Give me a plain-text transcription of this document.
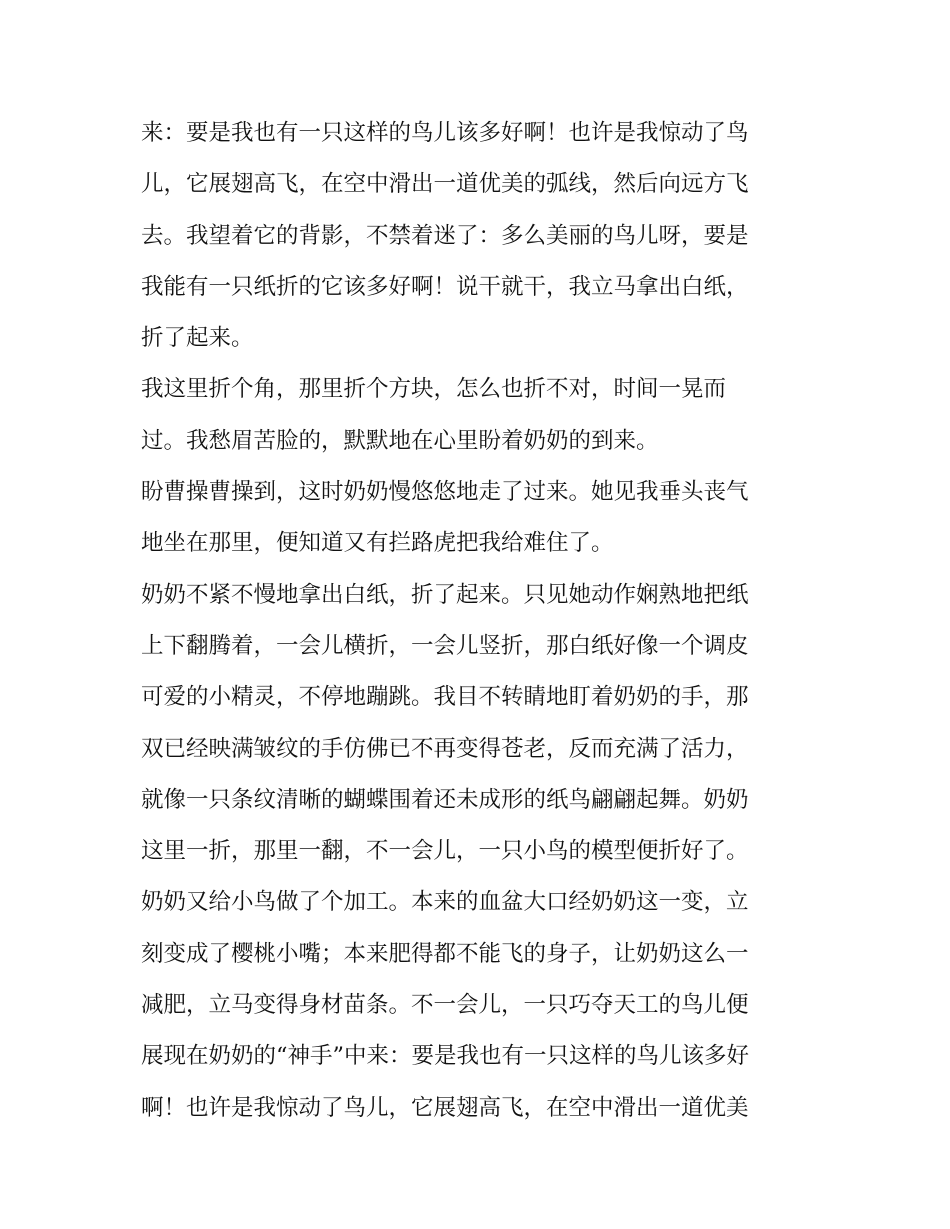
来：要是我也有一只这样的鸟儿该多好啊！也许是我惊动了鸟
儿，它展翅高飞，在空中滑出一道优美的弧线，然后向远方飞
去。我望着它的背影，不禁着迷了：多么美丽的鸟儿呀，要是
我能有一只纸折的它该多好啊！说干就干，我立马拿出白纸，
折了起来。
我这里折个角，那里折个方块，怎么也折不对，时间一晃而
过。我愁眉苦脸的，默默地在心里盼着奶奶的到来。
盼曹操曹操到，这时奶奶慢悠悠地走了过来。她见我垂头丧气
地坐在那里，便知道又有拦路虎把我给难住了。
奶奶不紧不慢地拿出白纸，折了起来。只见她动作娴熟地把纸
上下翻腾着，一会儿横折，一会儿竖折，那白纸好像一个调皮
可爱的小精灵，不停地蹦跳。我目不转睛地盯着奶奶的手，那
双已经映满皱纹的手仿佛已不再变得苍老，反而充满了活力，
就像一只条纹清晰的蝴蝶围着还未成形的纸鸟翩翩起舞。奶奶
这里一折，那里一翻，不一会儿，一只小鸟的模型便折好了。
奶奶又给小鸟做了个加工。本来的血盆大口经奶奶这一变，立
刻变成了樱桃小嘴；本来肥得都不能飞的身子，让奶奶这么一
减肥，立马变得身材苗条。不一会儿，一只巧夺天工的鸟儿便
展现在奶奶的“神手”中来：要是我也有一只这样的鸟儿该多好
啊！也许是我惊动了鸟儿，它展翅高飞，在空中滑出一道优美
